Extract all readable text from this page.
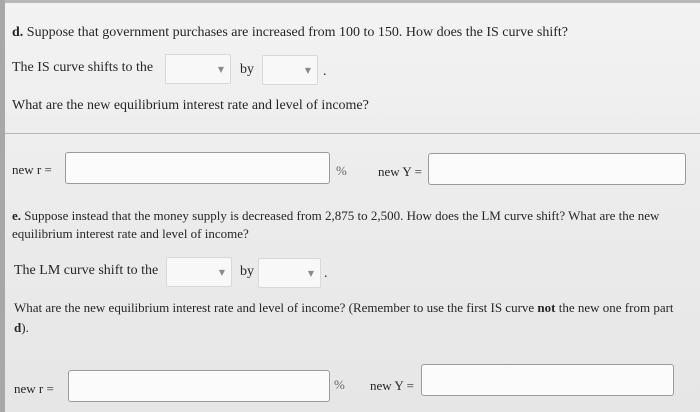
d. Suppose that government purchases are increased from 100 to 150. How does the IS curve shift?
The IS curve shifts to the	▼ by	▼ .
What are the new equilibrium interest rate and level of income?
new r =	% new Y =
e. Suppose instead that the money supply is decreased from 2,875 to 2,500. How does the LM curve shift? What are the new equilibrium interest rate and level of income?
The LM curve shift to the	▼ by	▼ .
What are the new equilibrium interest rate and level of income? (Remember to use the first IS curve not the new one from part d).
new r =	% new Y =
